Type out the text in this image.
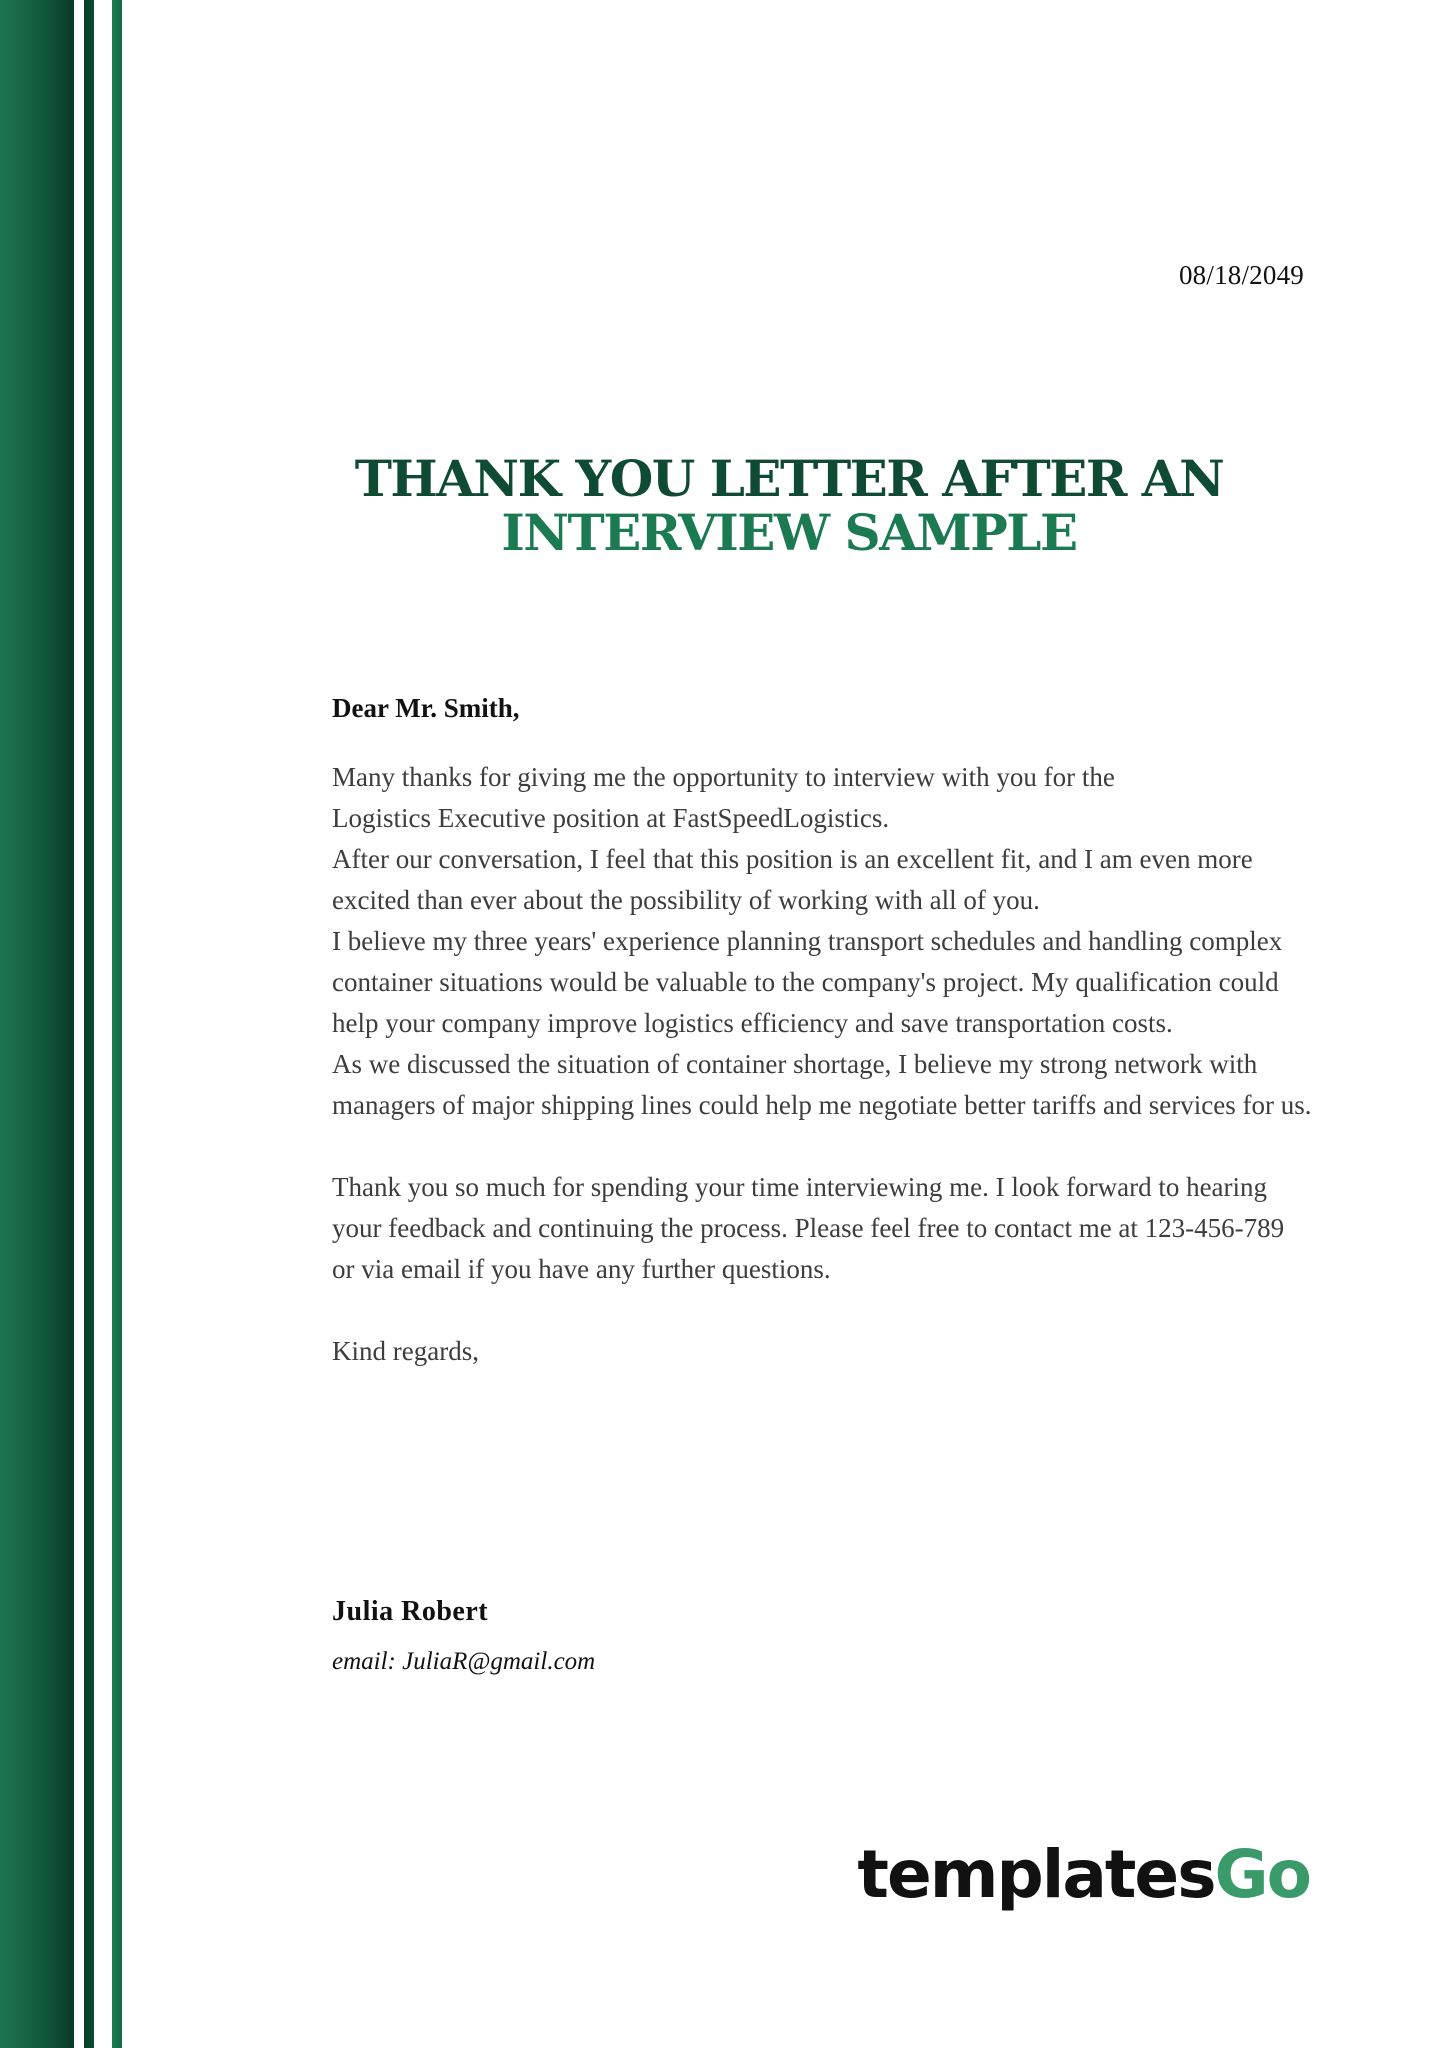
08/18/2049
THANK YOU LETTER AFTER AN
INTERVIEW SAMPLE

Dear Mr. Smith,

Many thanks for giving me the opportunity to interview with you for the

Logistics Executive position at FastSpeedLogistics.

After our conversation, I feel that this position is an excellent fit, and I am even more excited than ever about the possibility of working with all of you.

I believe my three years' experience planning transport schedules and handling complex container situations would be valuable to the company's project. My qualification could help your company improve logistics efficiency and save transportation costs.

As we discussed the situation of container shortage, I believe my strong network with managers of major shipping lines could help me negotiate better tariffs and services for us.

Thank you so much for spending your time interviewing me. I look forward to hearing your feedback and continuing the process. Please feel free to contact me at 123-456-789 or via email if you have any further questions.

Kind regards,

Julia Robert
email: JuliaR@gmail.com
templatesGo
